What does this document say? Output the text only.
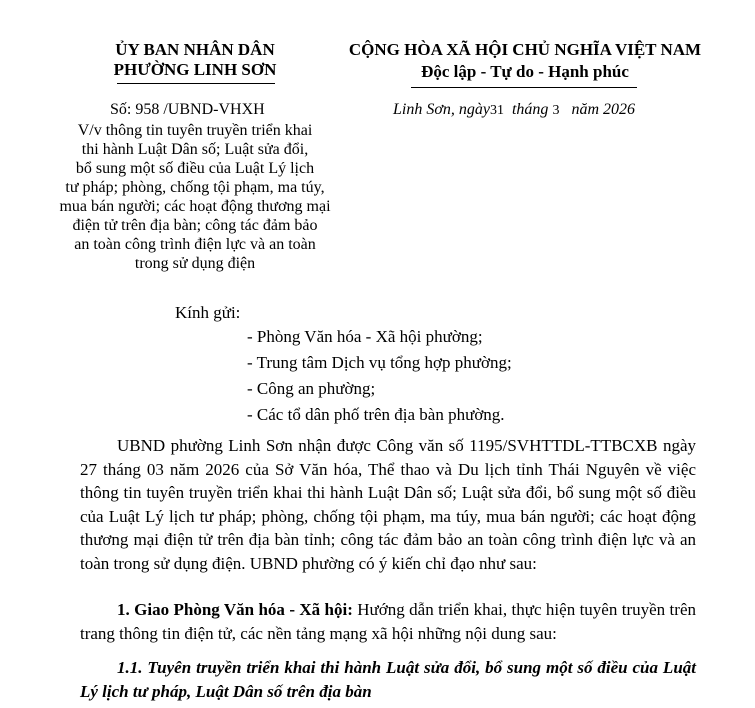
ỦY BAN NHÂN DÂN
PHƯỜNG LINH SƠN
CỘNG HÒA XÃ HỘI CHỦ NGHĨA VIỆT NAM
Độc lập - Tự do - Hạnh phúc
Số: 958 /UBND-VHXH	Linh Sơn, ngày31 tháng 3 năm 2026
V/v thông tin tuyên truyền triển khai
thi hành Luật Dân số; Luật sửa đổi,
bổ sung một số điều của Luật Lý lịch
tư pháp; phòng, chống tội phạm, ma túy,
mua bán người; các hoạt động thương mại
điện tử trên địa bàn; công tác đảm bảo
an toàn công trình điện lực và an toàn
trong sử dụng điện
Kính gửi:
- Phòng Văn hóa - Xã hội phường;
- Trung tâm Dịch vụ tổng hợp phường;
- Công an phường;
- Các tổ dân phố trên địa bàn phường.
UBND phường Linh Sơn nhận được Công văn số 1195/SVHTTDL-TTBCXB ngày 27 tháng 03 năm 2026 của Sở Văn hóa, Thể thao và Du lịch tỉnh Thái Nguyên về việc thông tin tuyên truyền triển khai thi hành Luật Dân số; Luật sửa đổi, bổ sung một số điều của Luật Lý lịch tư pháp; phòng, chống tội phạm, ma túy, mua bán người; các hoạt động thương mại điện tử trên địa bàn tỉnh; công tác đảm bảo an toàn công trình điện lực và an toàn trong sử dụng điện. UBND phường có ý kiến chỉ đạo như sau:
1. Giao Phòng Văn hóa - Xã hội: Hướng dẫn triển khai, thực hiện tuyên truyền trên trang thông tin điện tử, các nền tảng mạng xã hội những nội dung sau:
1.1. Tuyên truyền triển khai thi hành Luật sửa đổi, bổ sung một số điều của Luật Lý lịch tư pháp, Luật Dân số trên địa bàn
